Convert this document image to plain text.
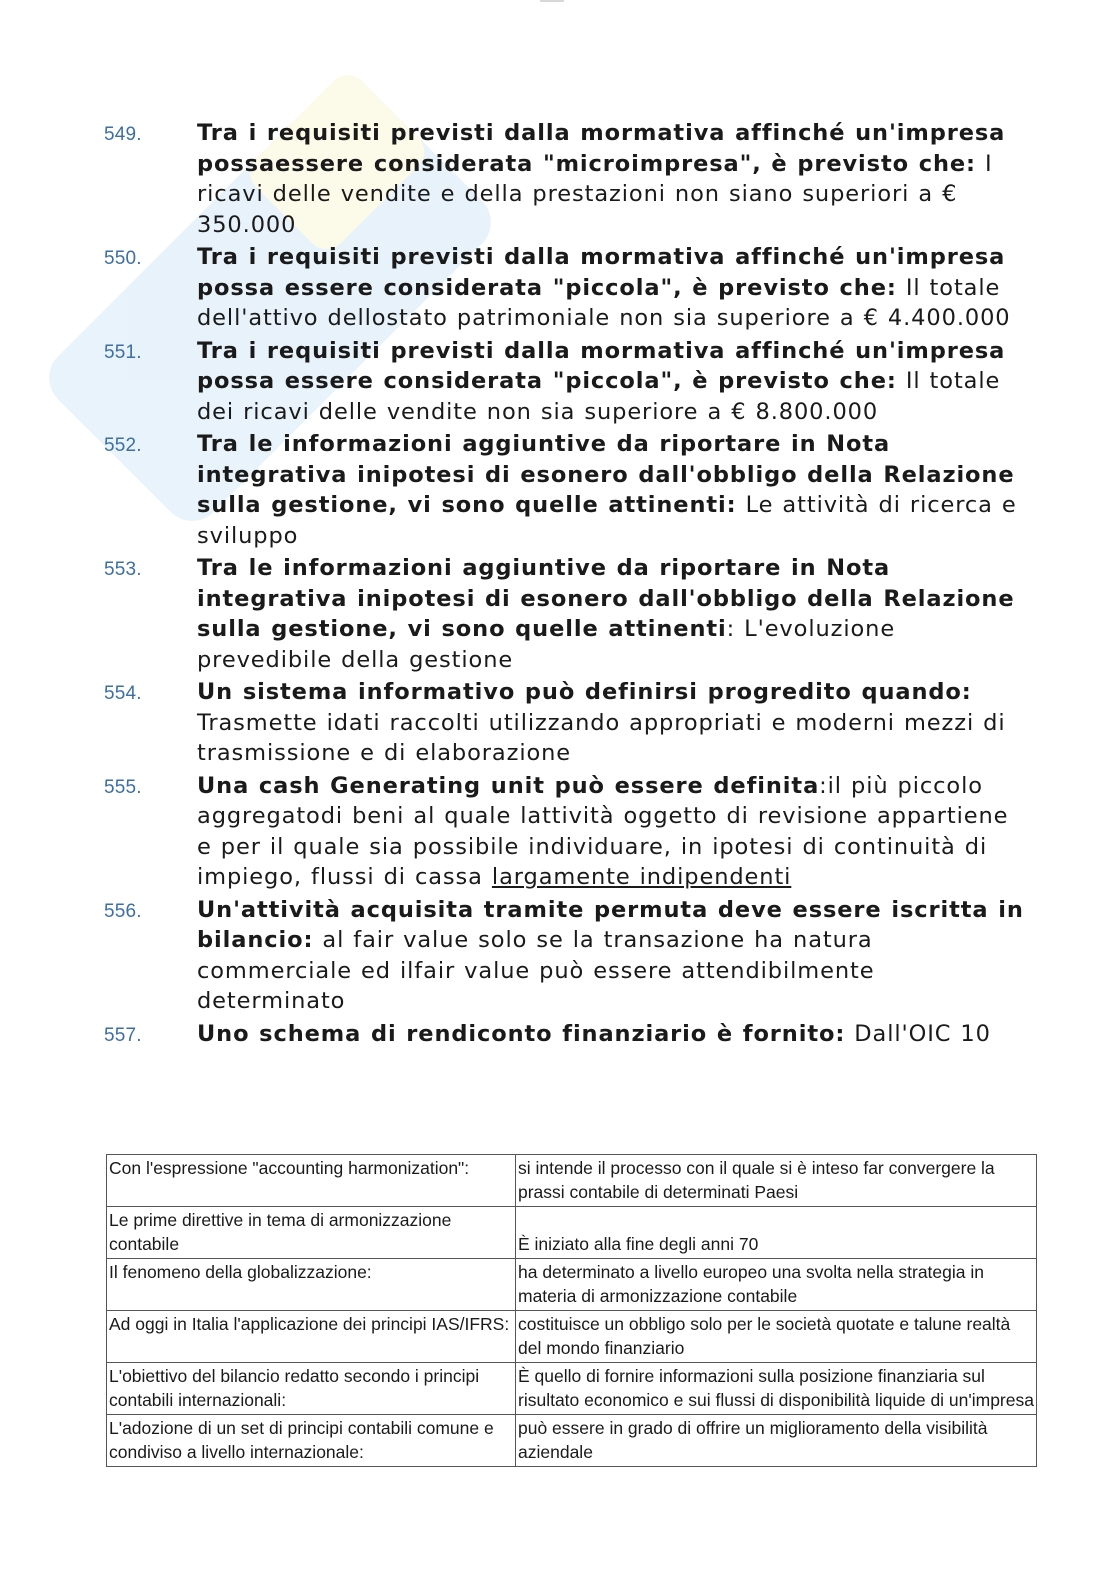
549.	Tra i requisiti previsti dalla mormativa affinché un'impresa possaessere considerata "microimpresa", è previsto che: I ricavi delle vendite e della prestazioni non siano superiori a € 350.000
550.	Tra i requisiti previsti dalla mormativa affinché un'impresa possa essere considerata "piccola", è previsto che: Il totale dell'attivo dellostato patrimoniale non sia superiore a € 4.400.000
551.	Tra i requisiti previsti dalla mormativa affinché un'impresa possa essere considerata "piccola", è previsto che: Il totale dei ricavi delle vendite non sia superiore a € 8.800.000
552.	Tra le informazioni aggiuntive da riportare in Nota integrativa inipotesi di esonero dall'obbligo della Relazione sulla gestione, vi sono quelle attinenti: Le attività di ricerca e sviluppo
553.	Tra le informazioni aggiuntive da riportare in Nota integrativa inipotesi di esonero dall'obbligo della Relazione sulla gestione, vi sono quelle attinenti: L'evoluzione prevedibile della gestione
554.	Un sistema informativo può definirsi progredito quando: Trasmette idati raccolti utilizzando appropriati e moderni mezzi di trasmissione e di elaborazione
555.	Una cash Generating unit può essere definita:il più piccolo aggregatodi beni al quale lattività oggetto di revisione appartiene e per il quale sia possibile individuare, in ipotesi di continuità di impiego, flussi di cassa largamente indipendenti
556.	Un'attività acquisita tramite permuta deve essere iscritta in bilancio: al fair value solo se la transazione ha natura commerciale ed ilfair value può essere attendibilmente determinato
557.	Uno schema di rendiconto finanziario è fornito: Dall'OIC 10
Con l'espressione "accounting harmonization":	si intende il processo con il quale si è inteso far convergere la prassi contabile di determinati Paesi
Le prime direttive in tema di armonizzazione contabile	È iniziato alla fine degli anni 70
Il fenomeno della globalizzazione:	ha determinato a livello europeo una svolta nella strategia in materia di armonizzazione contabile
Ad oggi in Italia l'applicazione dei principi IAS/IFRS:	costituisce un obbligo solo per le società quotate e talune realtà del mondo finanziario
L'obiettivo del bilancio redatto secondo i principi contabili internazionali:	È quello di fornire informazioni sulla posizione finanziaria sul risultato economico e sui flussi di disponibilità liquide di un'impresa
L'adozione di un set di principi contabili comune e condiviso a livello internazionale:	può essere in grado di offrire un miglioramento della visibilità aziendale
